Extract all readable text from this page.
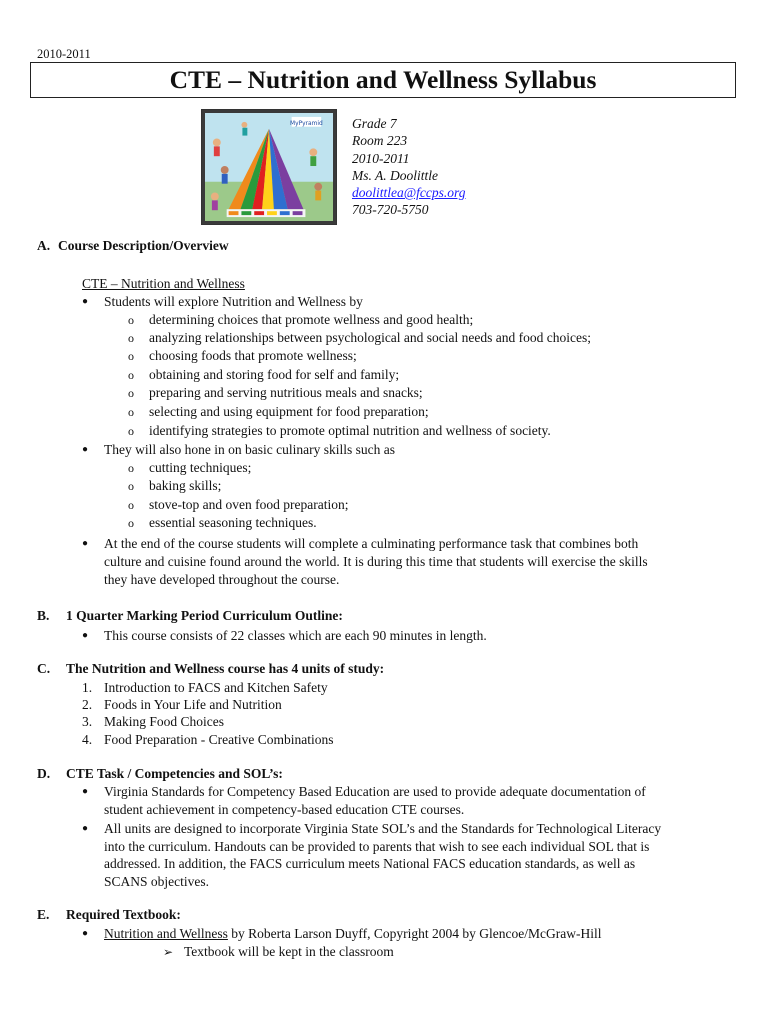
2010-2011
CTE – Nutrition and Wellness Syllabus
MyPyramid Grade 7
Room 223
2010-2011
Ms. A. Doolittle
doolittlea@fccps.org
703-720-5750
A. Course Description/Overview
CTE – Nutrition and Wellness
● Students will explore Nutrition and Wellness by
o determining choices that promote wellness and good health;
o analyzing relationships between psychological and social needs and food choices;
o choosing foods that promote wellness;
o obtaining and storing food for self and family;
o preparing and serving nutritious meals and snacks;
o selecting and using equipment for food preparation;
o identifying strategies to promote optimal nutrition and wellness of society.
● They will also hone in on basic culinary skills such as
o cutting techniques;
o baking skills;
o stove-top and oven food preparation;
o essential seasoning techniques.
● At the end of the course students will complete a culminating performance task that combines both
culture and cuisine found around the world. It is during this time that students will exercise the skills
they have developed throughout the course.
B. 1 Quarter Marking Period Curriculum Outline:
● This course consists of 22 classes which are each 90 minutes in length.
C. The Nutrition and Wellness course has 4 units of study:
1. Introduction to FACS and Kitchen Safety
2. Foods in Your Life and Nutrition
3. Making Food Choices
4. Food Preparation - Creative Combinations
D. CTE Task / Competencies and SOL’s:
● Virginia Standards for Competency Based Education are used to provide adequate documentation of
student achievement in competency-based education CTE courses.
● All units are designed to incorporate Virginia State SOL’s and the Standards for Technological Literacy
into the curriculum. Handouts can be provided to parents that wish to see each individual SOL that is
addressed. In addition, the FACS curriculum meets National FACS education standards, as well as
SCANS objectives.
E. Required Textbook:
● Nutrition and Wellness by Roberta Larson Duyff, Copyright 2004 by Glencoe/McGraw-Hill
➢ Textbook will be kept in the classroom
